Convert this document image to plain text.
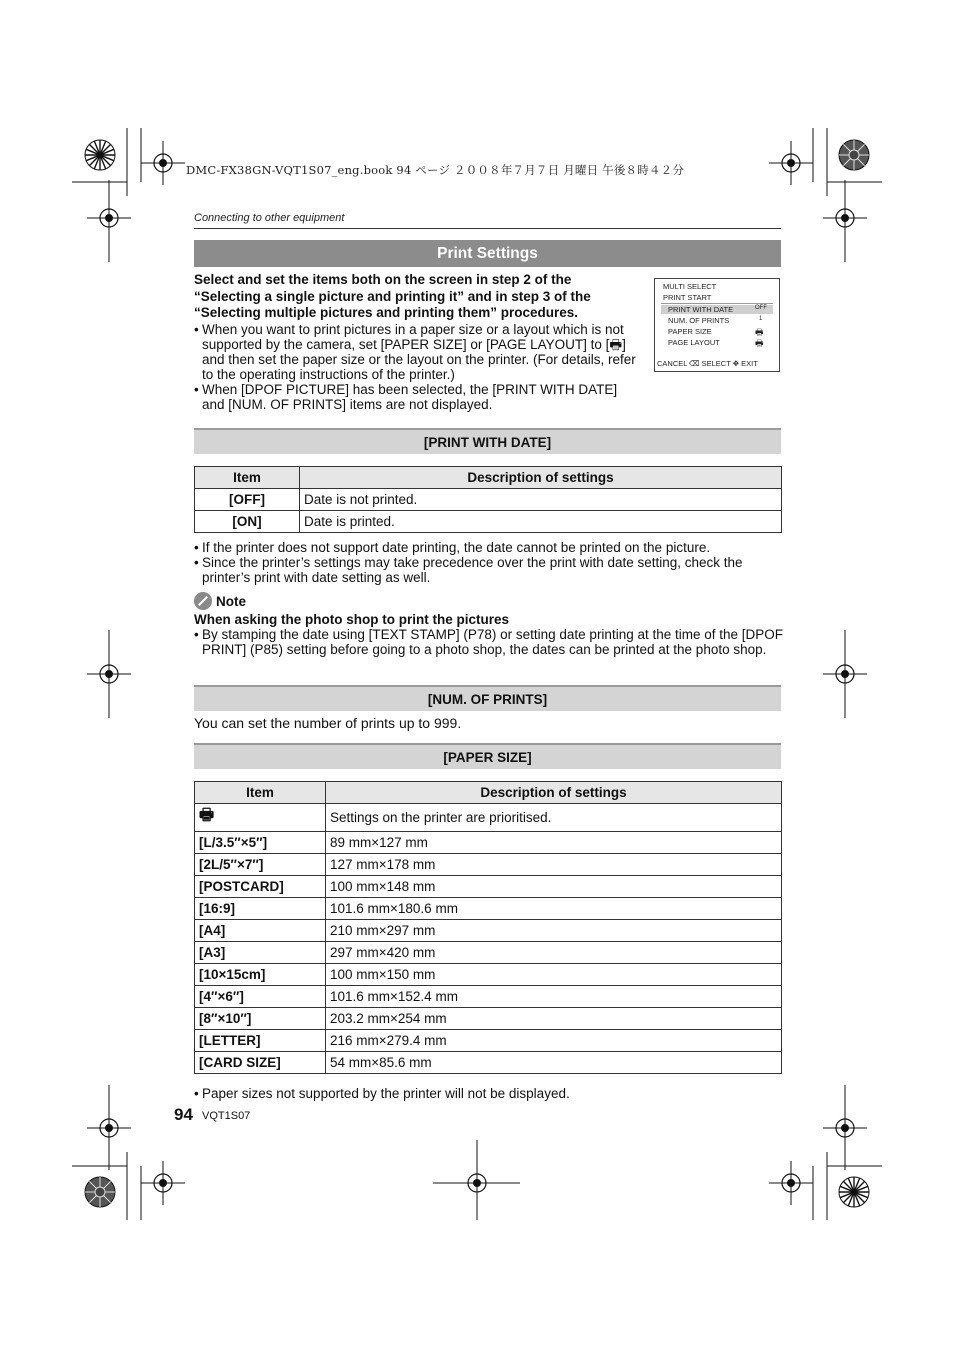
DMC-FX38GN-VQT1S07_eng.book 94 ページ ２００８年７月７日 月曜日 午後８時４２分
Connecting to other equipment
Print Settings
Select and set the items both on the screen in step 2 of the “Selecting a single picture and printing it” and in step 3 of the “Selecting multiple pictures and printing them” procedures.
• When you want to print pictures in a paper size or a layout which is not supported by the camera, set [PAPER SIZE] or [PAGE LAYOUT] to [🖶] and then set the paper size or the layout on the printer. (For details, refer to the operating instructions of the printer.)
• When [DPOF PICTURE] has been selected, the [PRINT WITH DATE] and [NUM. OF PRINTS] items are not displayed.
MULTI SELECT
PRINT START
PRINT WITH DATE	OFF
NUM. OF PRINTS	1
PAPER SIZE	🖶
PAGE LAYOUT	🖶
CANCEL ⌫ SELECT ✥ EXIT
[PRINT WITH DATE]
Item	Description of settings
[OFF]	Date is not printed.
[ON]	Date is printed.
• If the printer does not support date printing, the date cannot be printed on the picture.
• Since the printer’s settings may take precedence over the print with date setting, check the printer’s print with date setting as well.
Note
When asking the photo shop to print the pictures
• By stamping the date using [TEXT STAMP] (P78) or setting date printing at the time of the [DPOF PRINT] (P85) setting before going to a photo shop, the dates can be printed at the photo shop.
[NUM. OF PRINTS]
You can set the number of prints up to 999.
[PAPER SIZE]
Item	Description of settings
🖶	Settings on the printer are prioritised.
[L/3.5″×5″]	89 mm×127 mm
[2L/5″×7″]	127 mm×178 mm
[POSTCARD]	100 mm×148 mm
[16:9]	101.6 mm×180.6 mm
[A4]	210 mm×297 mm
[A3]	297 mm×420 mm
[10×15cm]	100 mm×150 mm
[4″×6″]	101.6 mm×152.4 mm
[8″×10″]	203.2 mm×254 mm
[LETTER]	216 mm×279.4 mm
[CARD SIZE]	54 mm×85.6 mm
• Paper sizes not supported by the printer will not be displayed.
94 VQT1S07
